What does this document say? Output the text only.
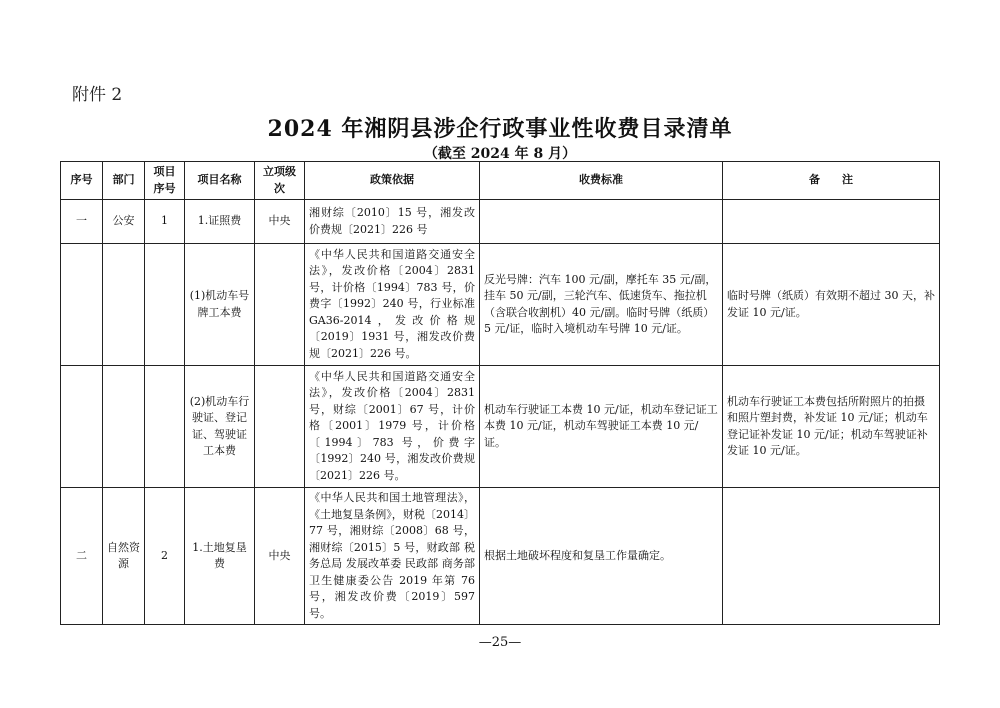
附件 2
2024 年湘阴县涉企行政事业性收费目录清单
（截至 2024 年 8 月）
序号	部门	项目序号	项目名称	立项级次	政策依据	收费标准	备　　注
一	公安	1	1.证照费	中央	湘财综〔2010〕15 号，湘发改价费规〔2021〕226 号		
			(1)机动车号牌工本费		《中华人民共和国道路交通安全法》，发改价格〔2004〕2831 号，计价格〔1994〕783 号，价费字〔1992〕240 号，行业标准 GA36-2014，发改价格规〔2019〕1931 号，湘发改价费规〔2021〕226 号。	反光号牌：汽车 100 元/副，摩托车 35 元/副，挂车 50 元/副，三轮汽车、低速货车、拖拉机（含联合收割机）40 元/副。临时号牌（纸质）5 元/证，临时入境机动车号牌 10 元/证。	临时号牌（纸质）有效期不超过 30 天，补发证 10 元/证。
			(2)机动车行驶证、登记证、驾驶证工本费		《中华人民共和国道路交通安全法》，发改价格〔2004〕2831 号，财综〔2001〕67 号，计价格〔2001〕1979 号，计价格〔1994〕783 号，价费字〔1992〕240 号，湘发改价费规〔2021〕226 号。	机动车行驶证工本费 10 元/证，机动车登记证工本费 10 元/证，机动车驾驶证工本费 10 元/证。	机动车行驶证工本费包括所附照片的拍摄和照片塑封费，补发证 10 元/证；机动车登记证补发证 10 元/证；机动车驾驶证补发证 10 元/证。
二	自然资源	2	1.土地复垦费	中央	《中华人民共和国土地管理法》，《土地复垦条例》，财税〔2014〕77 号，湘财综〔2008〕68 号，湘财综〔2015〕5 号，财政部 税务总局 发展改革委 民政部 商务部 卫生健康委公告 2019 年第 76 号，湘发改价费〔2019〕597 号。	根据土地破坏程度和复垦工作量确定。	
—25—
